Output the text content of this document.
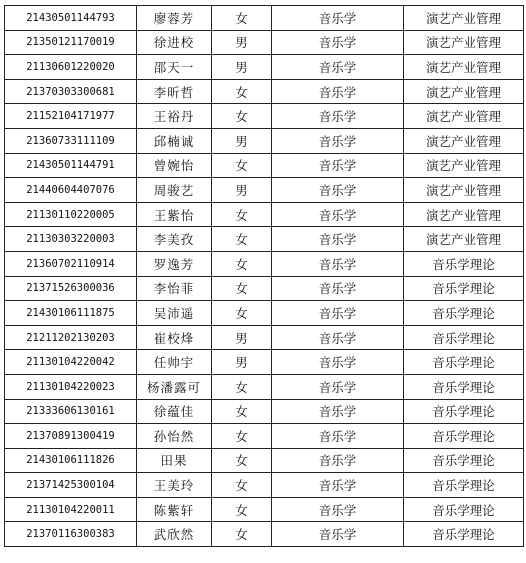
21430501144793	廖蓉芳	女	音乐学	演艺产业管理
21350121170019	徐进校	男	音乐学	演艺产业管理
21130601220020	邵天一	男	音乐学	演艺产业管理
21370303300681	李昕哲	女	音乐学	演艺产业管理
21152104171977	王裕丹	女	音乐学	演艺产业管理
21360733111109	邱楠诚	男	音乐学	演艺产业管理
21430501144791	曾婉怡	女	音乐学	演艺产业管理
21440604407076	周骏艺	男	音乐学	演艺产业管理
21130110220005	王紫怡	女	音乐学	演艺产业管理
21130303220003	李美孜	女	音乐学	演艺产业管理
21360702110914	罗逸芳	女	音乐学	音乐学理论
21371526300036	李怡菲	女	音乐学	音乐学理论
21430106111875	吴沛遥	女	音乐学	音乐学理论
21211202130203	崔校烽	男	音乐学	音乐学理论
21130104220042	任帅宇	男	音乐学	音乐学理论
21130104220023	杨潘露可	女	音乐学	音乐学理论
21333606130161	徐蕴佳	女	音乐学	音乐学理论
21370891300419	孙怡然	女	音乐学	音乐学理论
21430106111826	田果	女	音乐学	音乐学理论
21371425300104	王美玲	女	音乐学	音乐学理论
21130104220011	陈紫轩	女	音乐学	音乐学理论
21370116300383	武欣然	女	音乐学	音乐学理论
